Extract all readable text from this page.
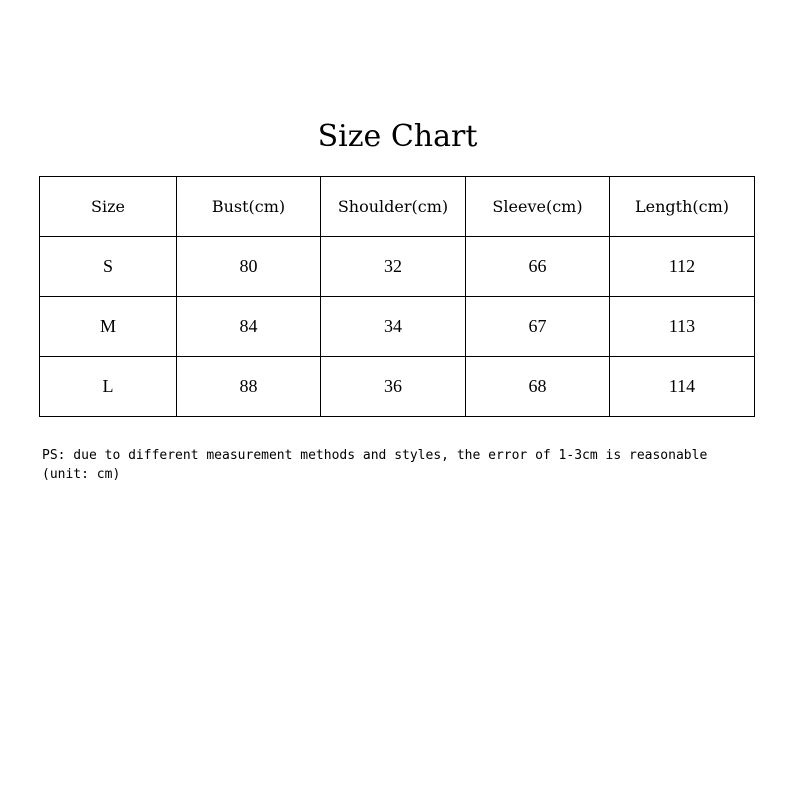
Size Chart
Size	Bust(cm)	Shoulder(cm)	Sleeve(cm)	Length(cm)
S	80	32	66	112
M	84	34	67	113
L	88	36	68	114
PS: due to different measurement methods and styles, the error of 1-3cm is reasonable
(unit: cm)
